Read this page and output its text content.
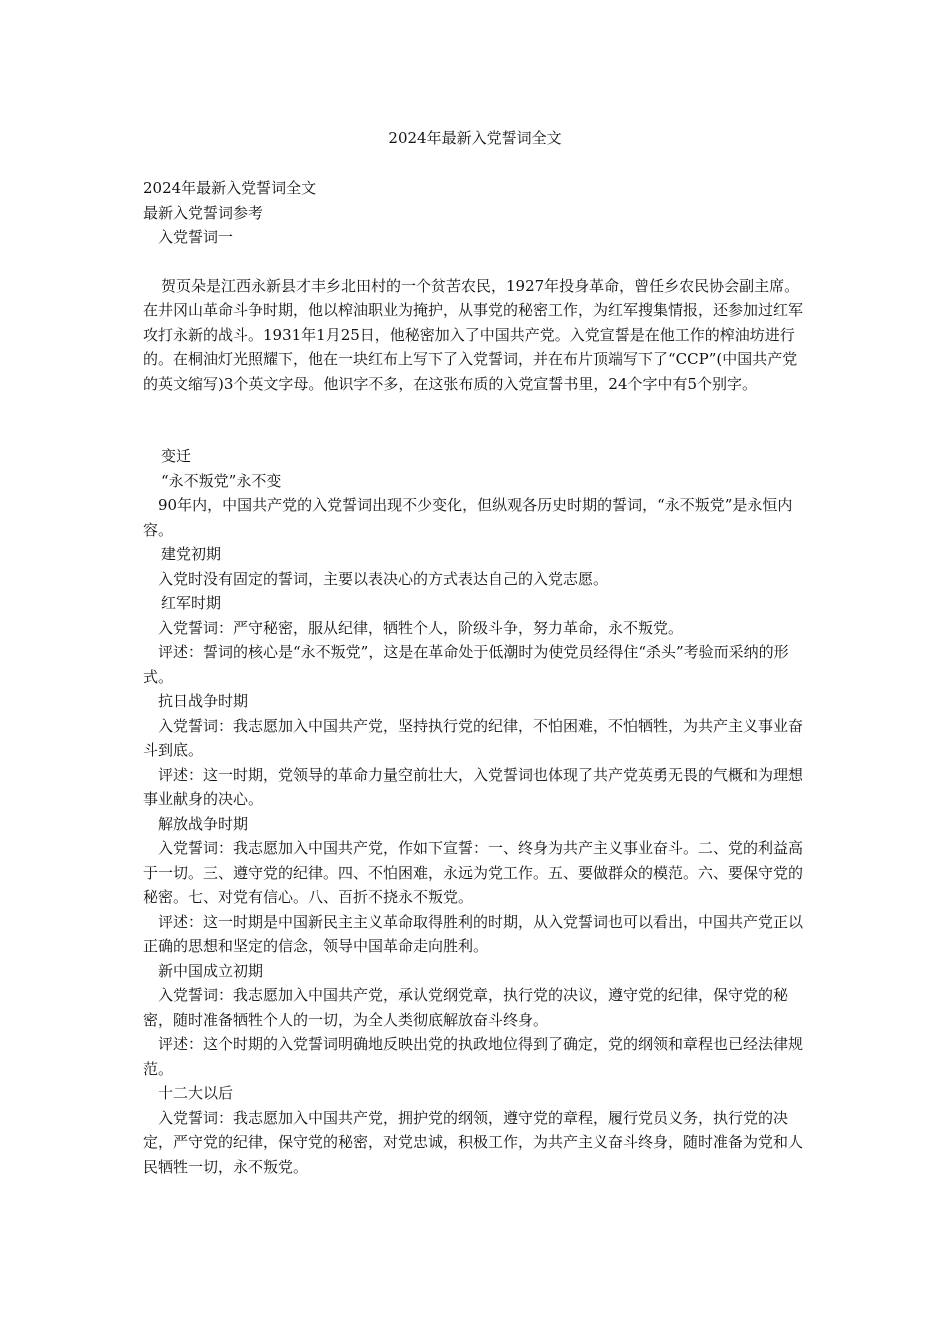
2024年最新入党誓词全文

2024年最新入党誓词全文

最新入党誓词参考

入党誓词一

贺页朵是江西永新县才丰乡北田村的一个贫苦农民，1927年投身革命，曾任乡农民协会副主席。在井冈山革命斗争时期，他以榨油职业为掩护，从事党的秘密工作，为红军搜集情报，还参加过红军攻打永新的战斗。1931年1月25日，他秘密加入了中国共产党。入党宣誓是在他工作的榨油坊进行的。在桐油灯光照耀下，他在一块红布上写下了入党誓词，并在布片顶端写下了“CCP”(中国共产党的英文缩写)3个英文字母。他识字不多，在这张布质的入党宣誓书里，24个字中有5个别字。

变迁

“永不叛党”永不变

90年内，中国共产党的入党誓词出现不少变化，但纵观各历史时期的誓词，“永不叛党”是永恒内容。

建党初期

入党时没有固定的誓词，主要以表决心的方式表达自己的入党志愿。

红军时期

入党誓词：严守秘密，服从纪律，牺牲个人，阶级斗争，努力革命，永不叛党。

评述：誓词的核心是“永不叛党”，这是在革命处于低潮时为使党员经得住“杀头”考验而采纳的形式。

抗日战争时期

入党誓词：我志愿加入中国共产党，坚持执行党的纪律，不怕困难，不怕牺牲，为共产主义事业奋斗到底。

评述：这一时期，党领导的革命力量空前壮大，入党誓词也体现了共产党英勇无畏的气概和为理想事业献身的决心。

解放战争时期

入党誓词：我志愿加入中国共产党，作如下宣誓：一、终身为共产主义事业奋斗。二、党的利益高于一切。三、遵守党的纪律。四、不怕困难，永远为党工作。五、要做群众的模范。六、要保守党的秘密。七、对党有信心。八、百折不挠永不叛党。

评述：这一时期是中国新民主主义革命取得胜利的时期，从入党誓词也可以看出，中国共产党正以正确的思想和坚定的信念，领导中国革命走向胜利。

新中国成立初期

入党誓词：我志愿加入中国共产党，承认党纲党章，执行党的决议，遵守党的纪律，保守党的秘密，随时准备牺牲个人的一切，为全人类彻底解放奋斗终身。

评述：这个时期的入党誓词明确地反映出党的执政地位得到了确定，党的纲领和章程也已经法律规范。

十二大以后

入党誓词：我志愿加入中国共产党，拥护党的纲领，遵守党的章程，履行党员义务，执行党的决定，严守党的纪律，保守党的秘密，对党忠诚，积极工作，为共产主义奋斗终身，随时准备为党和人民牺牲一切，永不叛党。
